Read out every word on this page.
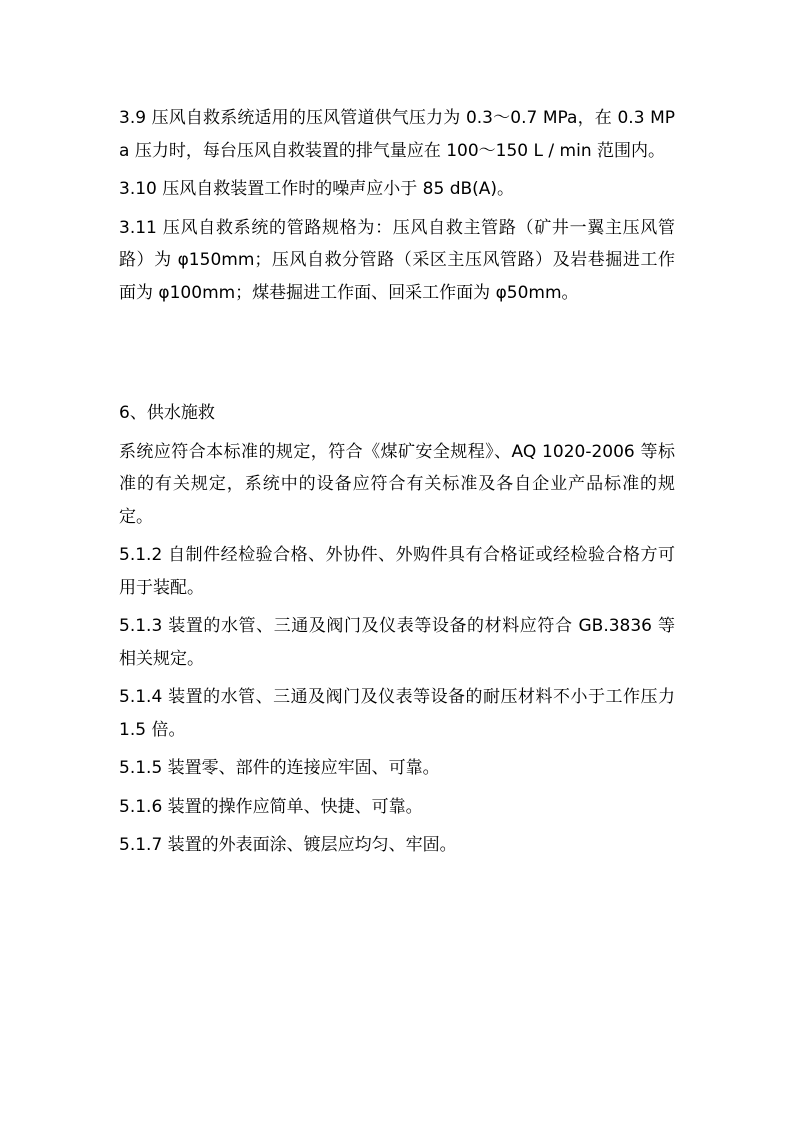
3.9 压风自救系统适用的压风管道供气压力为 0.3～0.7 MPa，在 0.3 MPa 压力时，每台压风自救装置的排气量应在 100～150 L / min 范围内。

3.10 压风自救装置工作时的噪声应小于 85 dB(A)。

3.11 压风自救系统的管路规格为：压风自救主管路（矿井一翼主压风管路）为 φ150mm；压风自救分管路（采区主压风管路）及岩巷掘进工作面为 φ100mm；煤巷掘进工作面、回采工作面为 φ50mm。

6、供水施救

系统应符合本标准的规定，符合《煤矿安全规程》、AQ 1020-2006 等标准的有关规定，系统中的设备应符合有关标准及各自企业产品标准的规定。

5.1.2 自制件经检验合格、外协件、外购件具有合格证或经检验合格方可用于装配。

5.1.3 装置的水管、三通及阀门及仪表等设备的材料应符合 GB.3836 等相关规定。

5.1.4 装置的水管、三通及阀门及仪表等设备的耐压材料不小于工作压力 1.5 倍。

5.1.5 装置零、部件的连接应牢固、可靠。

5.1.6 装置的操作应简单、快捷、可靠。

5.1.7 装置的外表面涂、镀层应均匀、牢固。
